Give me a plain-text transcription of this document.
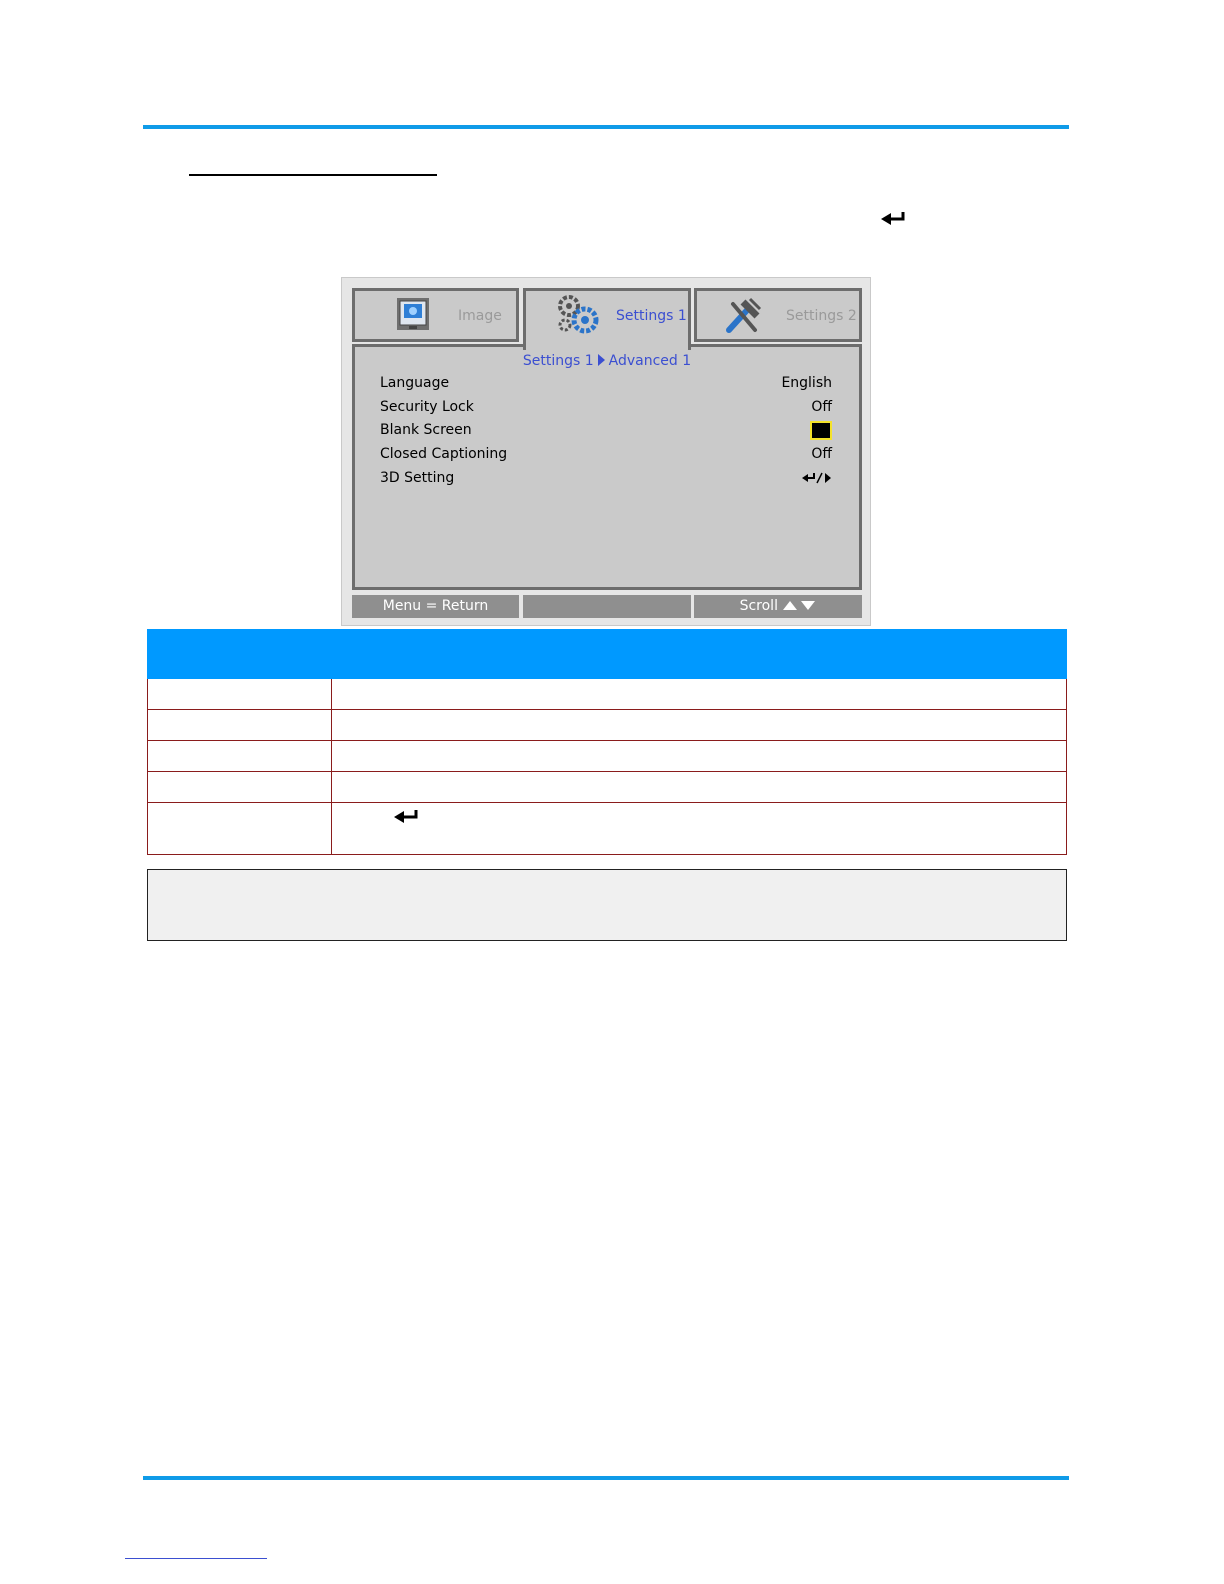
Image	Settings 1	Settings 2
Settings 1 Advanced 1
Language	English
Security Lock	Off
Blank Screen
Closed Captioning	Off
3D Setting
Menu = Return	Scroll
